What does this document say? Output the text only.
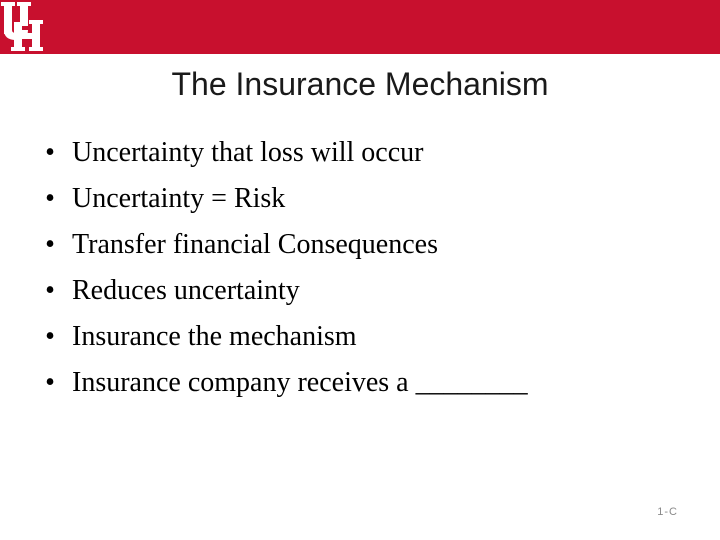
The Insurance Mechanism
• Uncertainty that loss will occur
• Uncertainty = Risk
• Transfer financial Consequences
• Reduces uncertainty
• Insurance the mechanism
• Insurance company receives a ________
1-C
